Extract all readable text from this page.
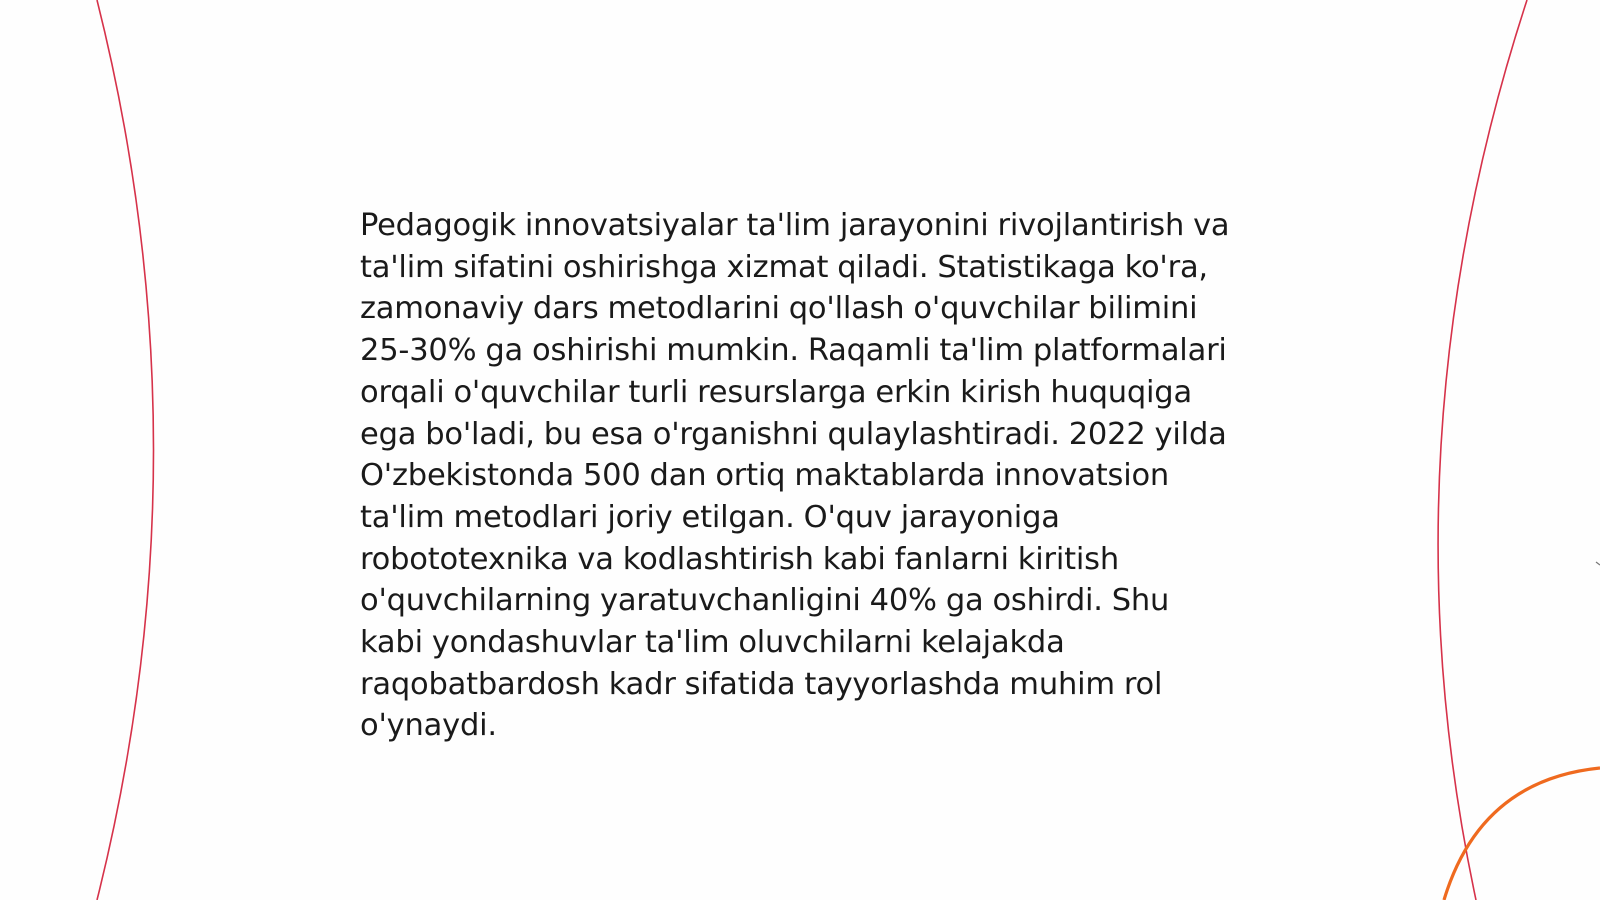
Pedagogik innovatsiyalar ta'lim jarayonini rivojlantirish va ta'lim sifatini oshirishga xizmat qiladi. Statistikaga ko'ra, zamonaviy dars metodlarini qo'llash o'quvchilar bilimini 25-30% ga oshirishi mumkin. Raqamli ta'lim platformalari orqali o'quvchilar turli resurslarga erkin kirish huquqiga ega bo'ladi, bu esa o'rganishni qulaylashtiradi. 2022 yilda O'zbekistonda 500 dan ortiq maktablarda innovatsion ta'lim metodlari joriy etilgan. O'quv jarayoniga robototexnika va kodlashtirish kabi fanlarni kiritish o'quvchilarning yaratuvchanligini 40% ga oshirdi. Shu kabi yondashuvlar ta'lim oluvchilarni kelajakda raqobatbardosh kadr sifatida tayyorlashda muhim rol o'ynaydi.
